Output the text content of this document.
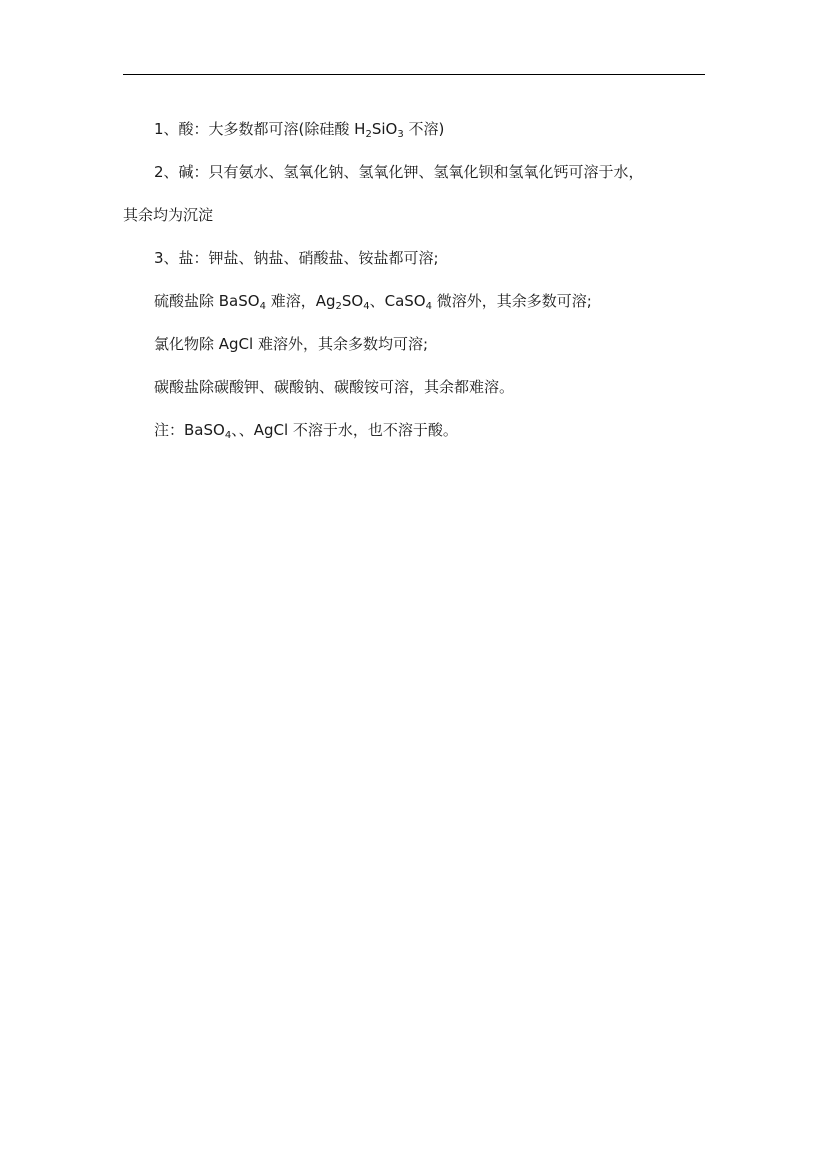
1、酸：大多数都可溶(除硅酸 $H_2SiO_3$ 不溶)

2、碱：只有氨水、氢氧化钠、氢氧化钾、氢氧化钡和氢氧化钙可溶于水，

其余均为沉淀

3、盐：钾盐、钠盐、硝酸盐、铵盐都可溶;

硫酸盐除 BaSO$_4$ 难溶，$Ag_2SO_4$、CaSO$_4$ 微溶外，其余多数可溶;

氯化物除 AgCl 难溶外，其余多数均可溶;

碳酸盐除碳酸钾、碳酸钠、碳酸铵可溶，其余都难溶。

注：BaSO$_4$、、AgCl 不溶于水，也不溶于酸。
